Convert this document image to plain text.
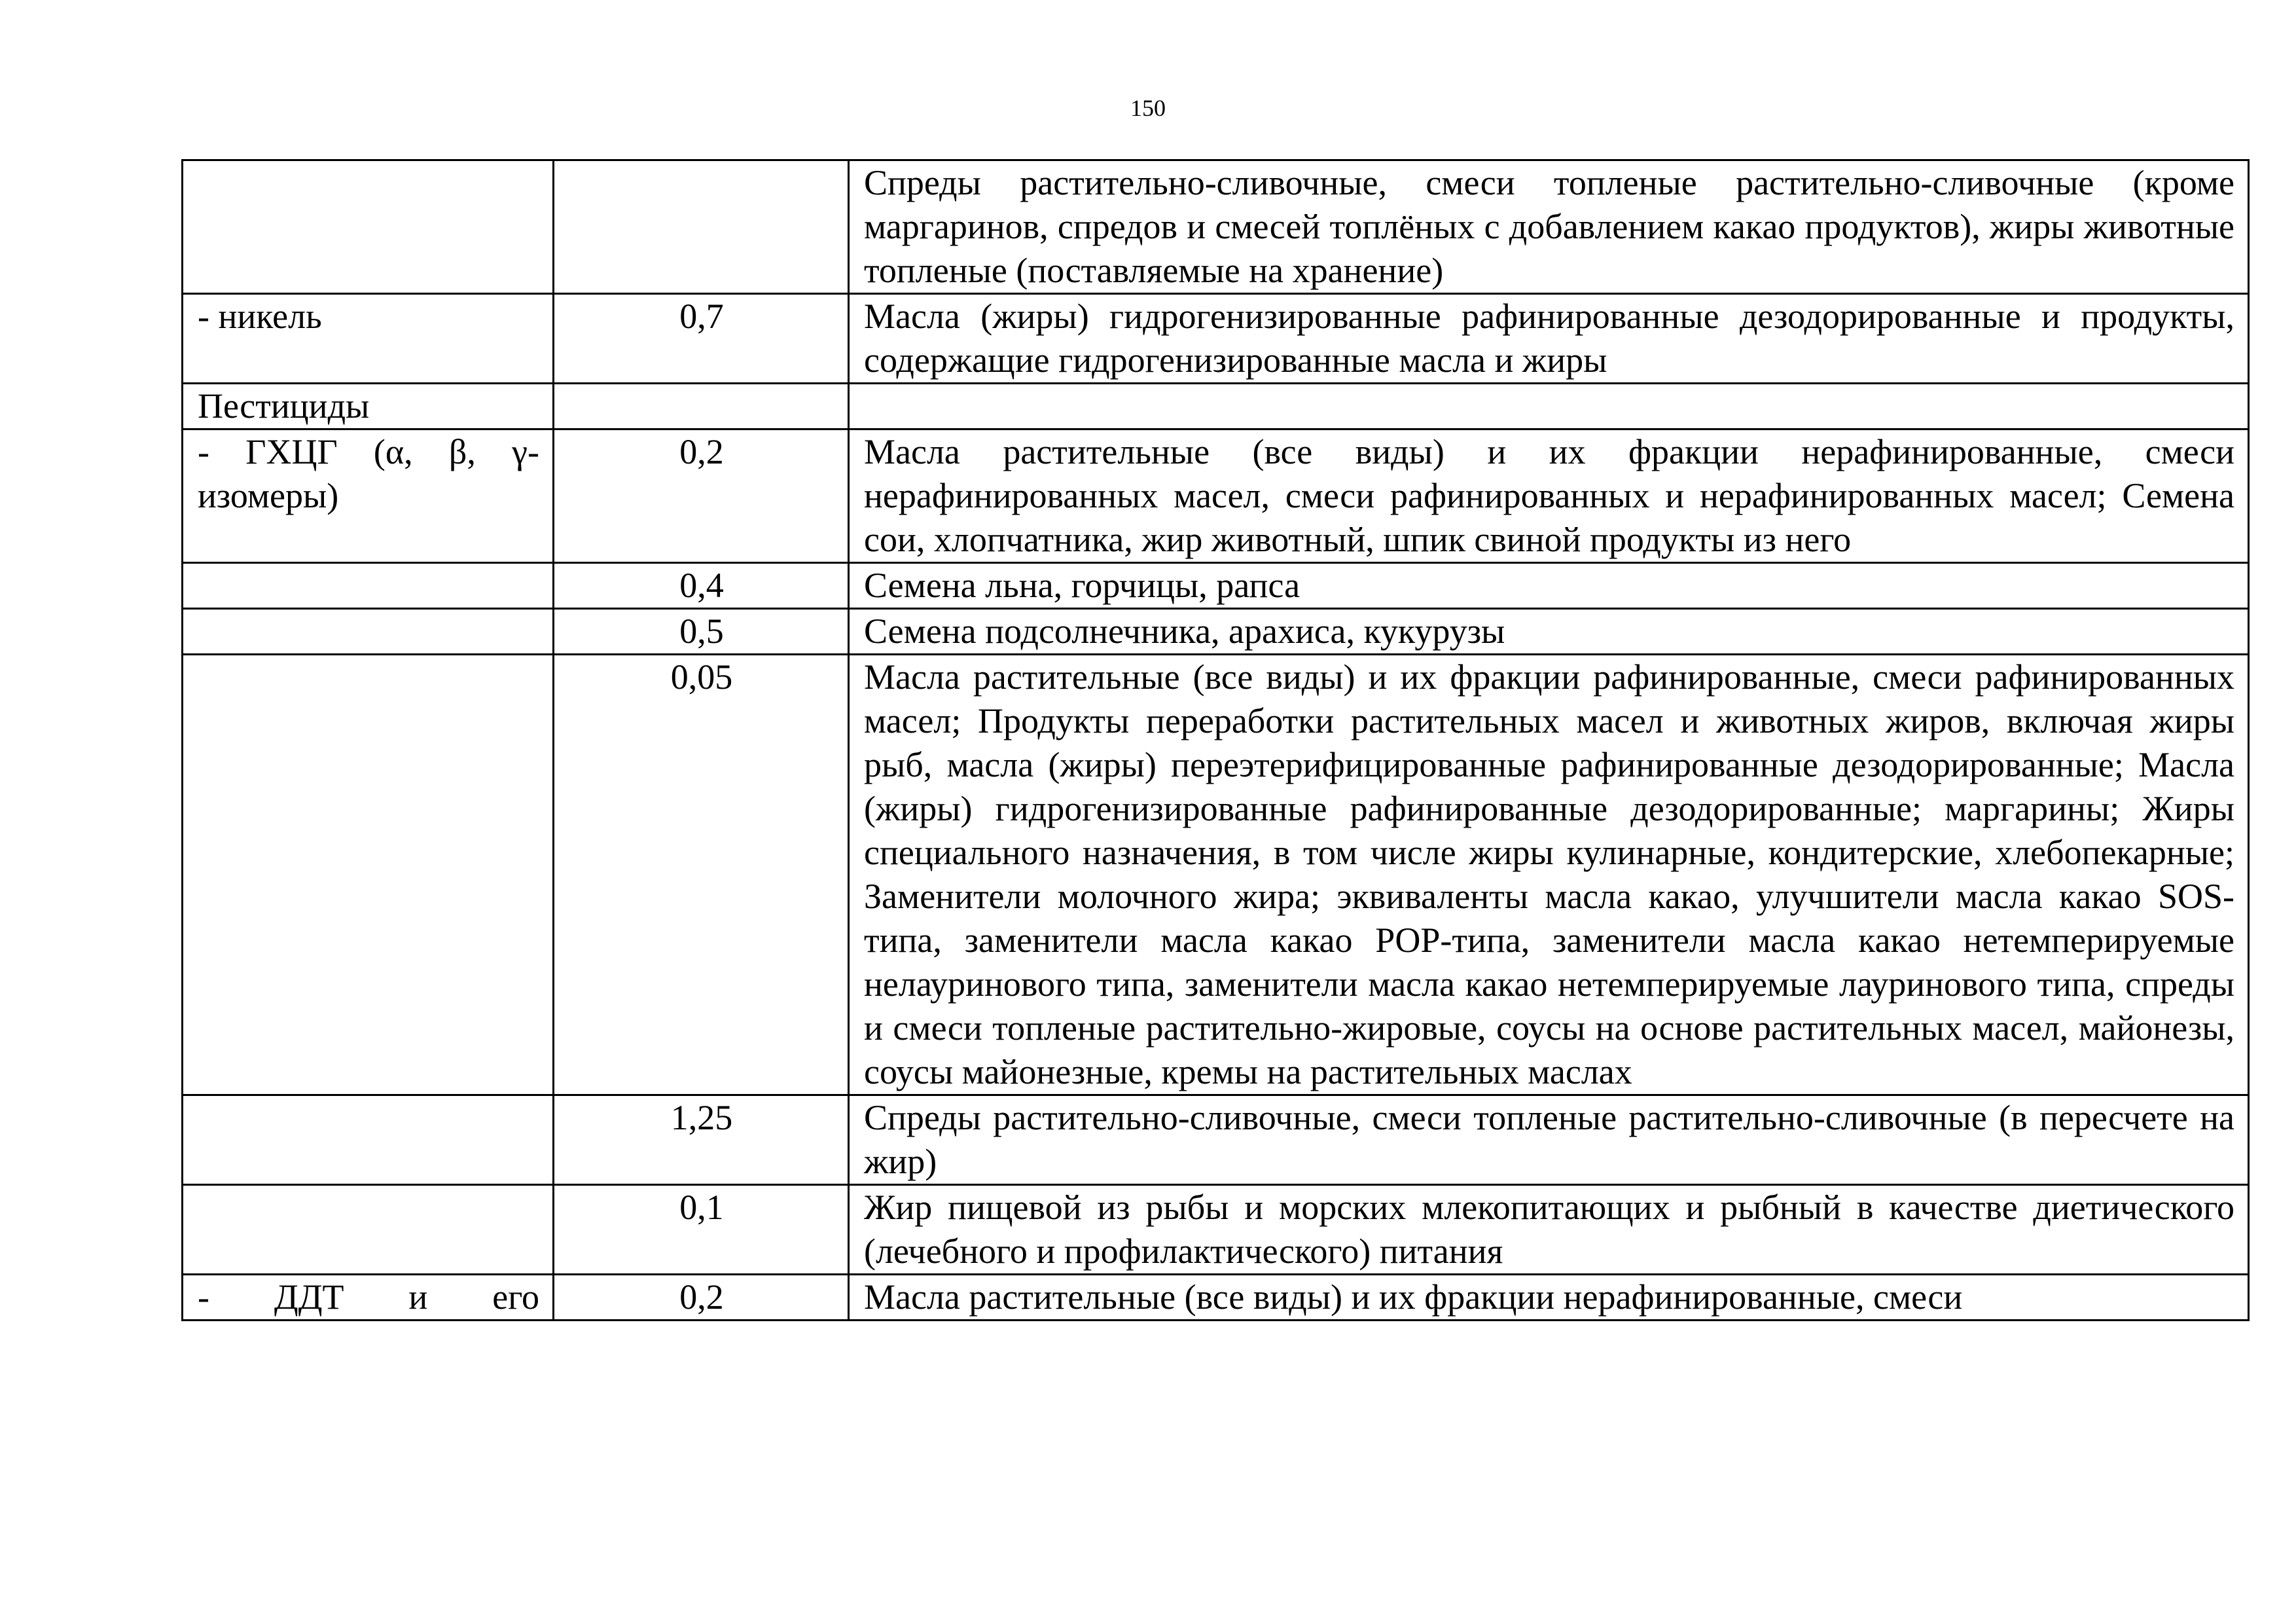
150
		Спреды растительно-сливочные, смеси топленые растительно-сливочные (кроме маргаринов, спредов и смесей топлёных с добавлением какао продуктов), жиры животные топленые (поставляемые на хранение)
- никель	0,7	Масла (жиры) гидрогенизированные рафинированные дезодорированные и продукты, содержащие гидрогенизированные масла и жиры
Пестициды		
- ГХЦГ (α, β, γ-изомеры)	0,2	Масла растительные (все виды) и их фракции нерафинированные, смеси нерафинированных масел, смеси рафинированных и нерафинированных масел; Семена сои, хлопчатника, жир животный, шпик свиной продукты из него
	0,4	Семена льна, горчицы, рапса
	0,5	Семена подсолнечника, арахиса, кукурузы
	0,05	Масла растительные (все виды) и их фракции рафинированные, смеси рафинированных масел; Продукты переработки растительных масел и животных жиров, включая жиры рыб, масла (жиры) переэтерифицированные рафинированные дезодорированные; Масла (жиры) гидрогенизированные рафинированные дезодорированные; маргарины; Жиры специального назначения, в том числе жиры кулинарные, кондитерские, хлебопекарные; Заменители молочного жира; эквиваленты масла какао, улучшители масла какао SOS-типа, заменители масла какао POP-типа, заменители масла какао нетемперируемые нелауринового типа, заменители масла какао нетемперируемые лауринового типа, спреды и смеси топленые растительно-жировые, соусы на основе растительных масел, майонезы, соусы майонезные, кремы на растительных маслах
	1,25	Спреды растительно-сливочные, смеси топленые растительно-сливочные (в пересчете на жир)
	0,1	Жир пищевой из рыбы и морских млекопитающих и рыбный в качестве диетического (лечебного и профилактического) питания
- ДДТ и его	0,2	Масла растительные (все виды) и их фракции нерафинированные, смеси
